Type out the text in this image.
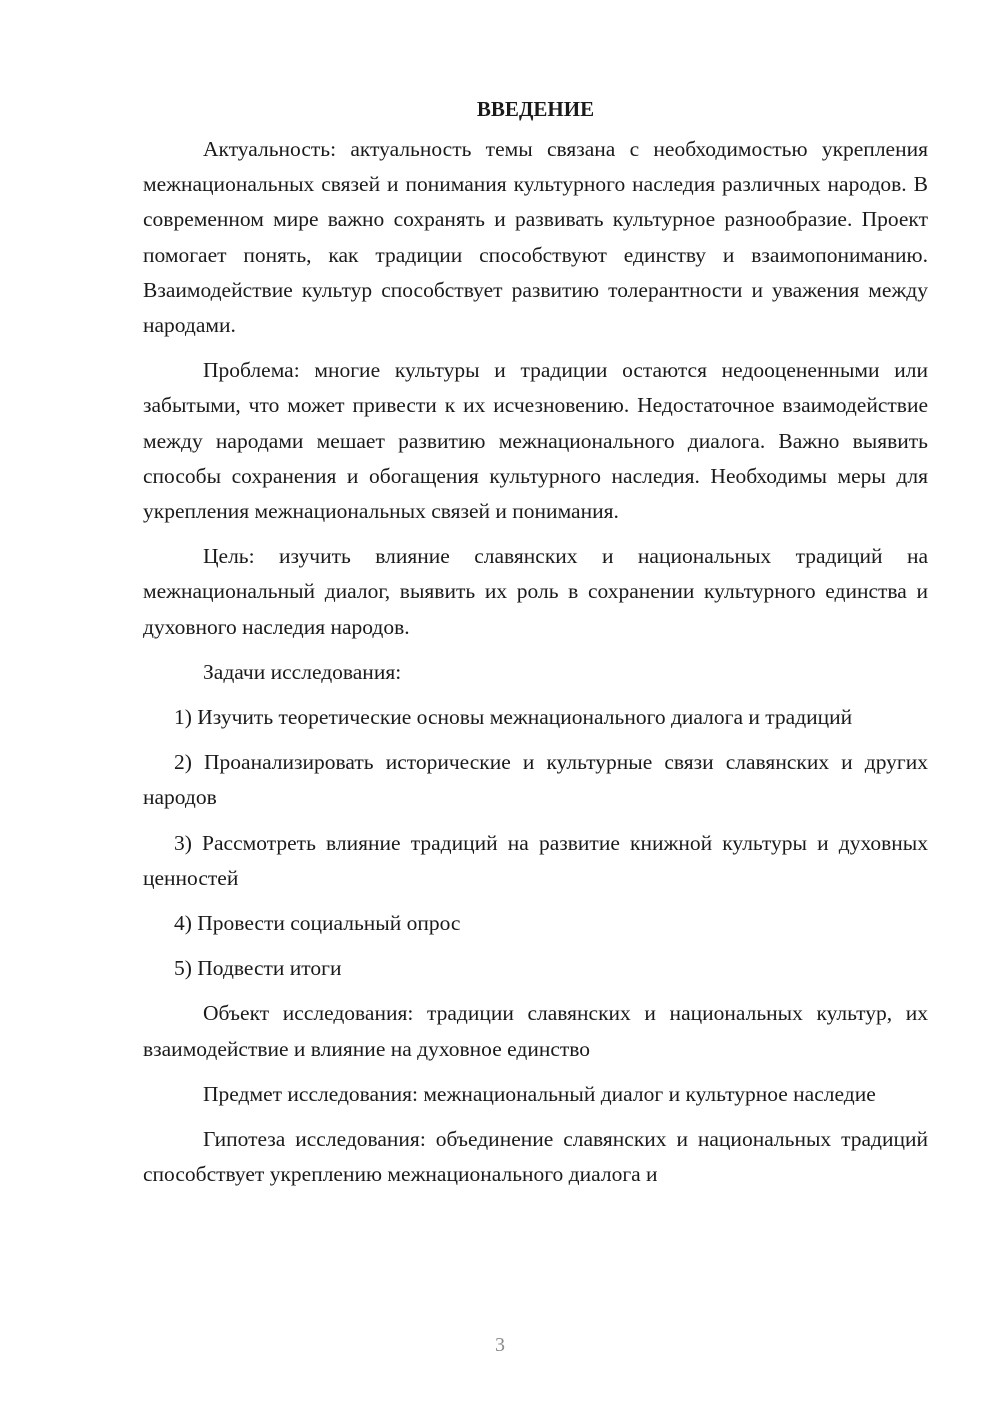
ВВЕДЕНИЕ

Актуальность: актуальность темы связана с необходимостью укрепления межнациональных связей и понимания культурного наследия различных народов. В современном мире важно сохранять и развивать культурное разнообразие. Проект помогает понять, как традиции способствуют единству и взаимопониманию. Взаимодействие культур способствует развитию толерантности и уважения между народами.

Проблема: многие культуры и традиции остаются недооцененными или забытыми, что может привести к их исчезновению. Недостаточное взаимодействие между народами мешает развитию межнационального диалога. Важно выявить способы сохранения и обогащения культурного наследия. Необходимы меры для укрепления межнациональных связей и понимания.

Цель: изучить влияние славянских и национальных традиций на межнациональный диалог, выявить их роль в сохранении культурного единства и духовного наследия народов.

Задачи исследования:

1) Изучить теоретические основы межнационального диалога и традиций

2) Проанализировать исторические и культурные связи славянских и других народов

3) Рассмотреть влияние традиций на развитие книжной культуры и духовных ценностей

4) Провести социальный опрос

5) Подвести итоги

Объект исследования: традиции славянских и национальных культур, их взаимодействие и влияние на духовное единство

Предмет исследования: межнациональный диалог и культурное наследие

Гипотеза исследования: объединение славянских и национальных традиций способствует укреплению межнационального диалога и

3
